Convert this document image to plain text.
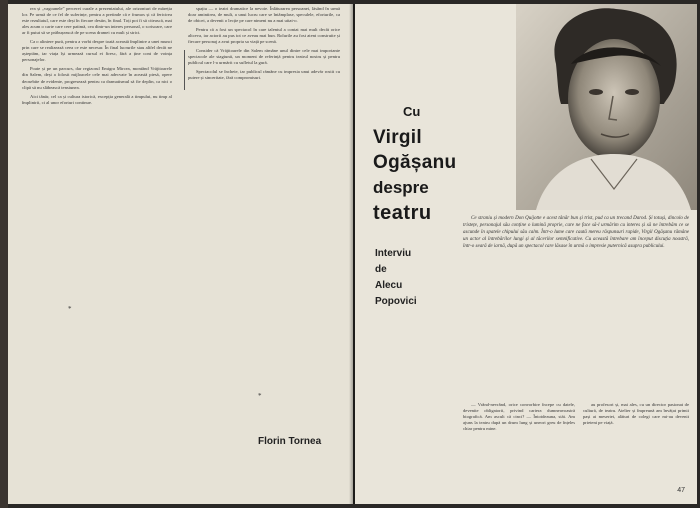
rea și „vagoanele” percerei curale a prezentatului, ale orizonturi de măreția lor. Pe urmă de ce fel de suferințe, pentru a pretinde că e frumos și că fericirea este rezultatul, care este deși în fiecare destin, în final. Toți pot fi să citească, mai ales acum o carte care cere patimă, cea dintr-un interes personal, o scrisoare, care ar fi putut să se prăbușească de pe scena dramei cu mult și strict.

Ca o aliniere pură, pentru a vorbi despre toată această împlinire a unei munci prin care se realizează ceea ce este necesar. În final lucrurile stau altfel decât ne așteptăm, iar viața își urmează cursul ei firesc, fără a ține cont de voința personajelor.

Poate și pe un parcurs, dar regizorul Emigra Mircea, montând Vrăjitoarele din Salem, deși a folosit mijloacele cele mai adecvate în această piesă, opere deosebite de evidente, progresează pentru ca dramatismul să fie deplin, ca nici o clipă să nu slăbească tensiunea.

Aici tânăr, cel ca și cultura istorică, excepția generală a timpului, nu timp al împlinirii, ci al unor eforturi continue.

*

spațiu — o teatri dramatice la nevoie. Înlăturarea persoanei, lăsând în urmă doar amintirea, de mult, a unui lucru care se întâmplase, speculele, eforturile, ca de obicei, a devenit o lecție pe care nimeni nu a mai uitat-o.

Pentru că a fost un spectacol în care talentul a contat mai mult decât orice altceva, iar actorii au pus tot ce aveau mai bun. Rolurile au fost atent construite și fiecare personaj a avut propria sa viață pe scenă.

Consider că Vrăjitoarele din Salem rămâne unul dintre cele mai importante spectacole ale stagiunii, un moment de referință pentru teatrul nostru și pentru publicul care l-a urmărit cu sufletul la gură.

Spectacolul se încheie, iar publicul rămâne cu impresia unui adevăr rostit cu putere și sinceritate, fără compromisuri.

*
Florin Tornea
Cu
Virgil
Ogășanu
despre
teatru
Interviu
de
Alecu
Popovici

Ce straniu și modern Don Quijotte e acest tânăr bun și trist, pud ca un trecand Darod. Și totuși, dincolo de tristețe, personajul său conține o lumină proprie, care ne face să-l urmărim cu interes și să ne întrebăm ce se ascunde în spatele chipului său calm. Într-o lume care caută mereu răspunsuri rapide, Virgil Ogășanu rămâne un actor al întrebărilor lungi și al tăcerilor semnificative. Cu această întrebare am început discuția noastră, într-o seară de iarnă, după un spectacol care lăsase în urmă o impresie puternică asupra publicului.

— Vrând-nevrând, orice convorbire începe cu datele, devenite obligatorii, privind cariera dumneavoastră biografică. Am ascult că cinci? — Întotdeauna, stăt. Am ajuns la teatru după un drum lung și uneori greu de înțeles chiar pentru mine.

au profesori și, mai ales, cu un director pasionat de cultură, de teatru. Atelier și împreună am învățat primii pași ai meseriei, alături de colegi care mi-au devenit prieteni pe viață.

47
